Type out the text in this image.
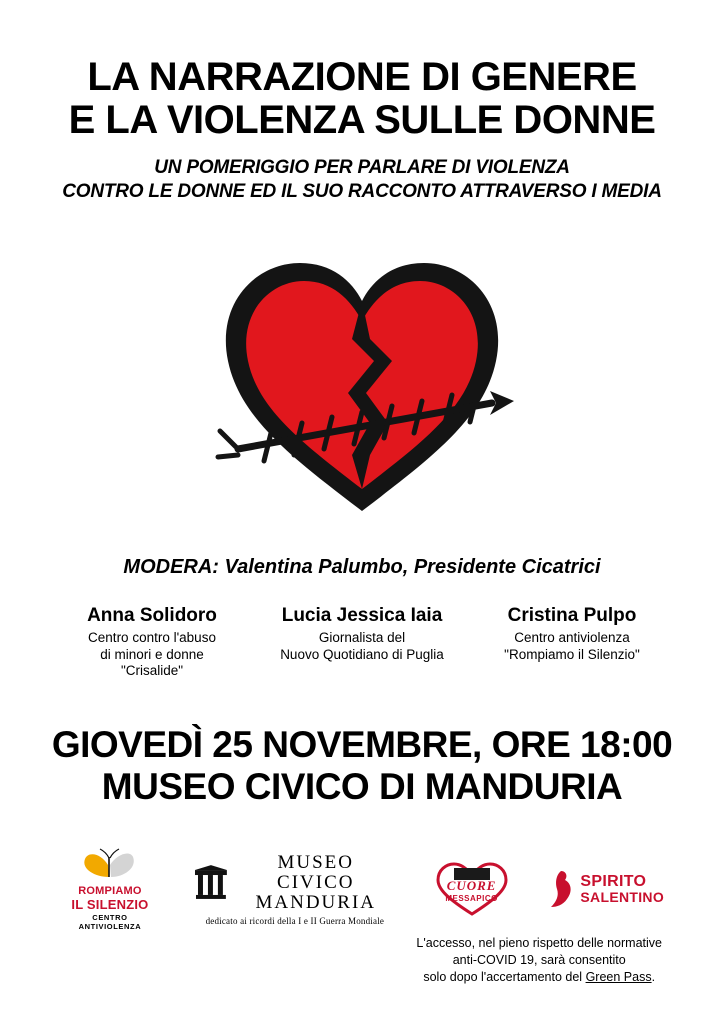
LA NARRAZIONE DI GENERE
E LA VIOLENZA SULLE DONNE
UN POMERIGGIO PER PARLARE DI VIOLENZA
CONTRO LE DONNE ED IL SUO RACCONTO ATTRAVERSO I MEDIA
MODERA: Valentina Palumbo, Presidente Cicatrici
Anna Solidoro
Centro contro l'abuso
di minori e donne
"Crisalide"
Lucia Jessica Iaia
Giornalista del
Nuovo Quotidiano di Puglia
Cristina Pulpo
Centro antiviolenza
"Rompiamo il Silenzio"
GIOVEDÌ 25 NOVEMBRE, ORE 18:00
MUSEO CIVICO DI MANDURIA
ROMPIAMO
IL SILENZIO
CENTRO ANTIVIOLENZA
MUSEO CIVICO
MANDURIA
dedicato ai ricordi della I e II Guerra Mondiale
CUORE
MESSAPICO
SPIRITO
SALENTINO
L'accesso, nel pieno rispetto delle normative
anti-COVID 19, sarà consentito
solo dopo l'accertamento del Green Pass.
